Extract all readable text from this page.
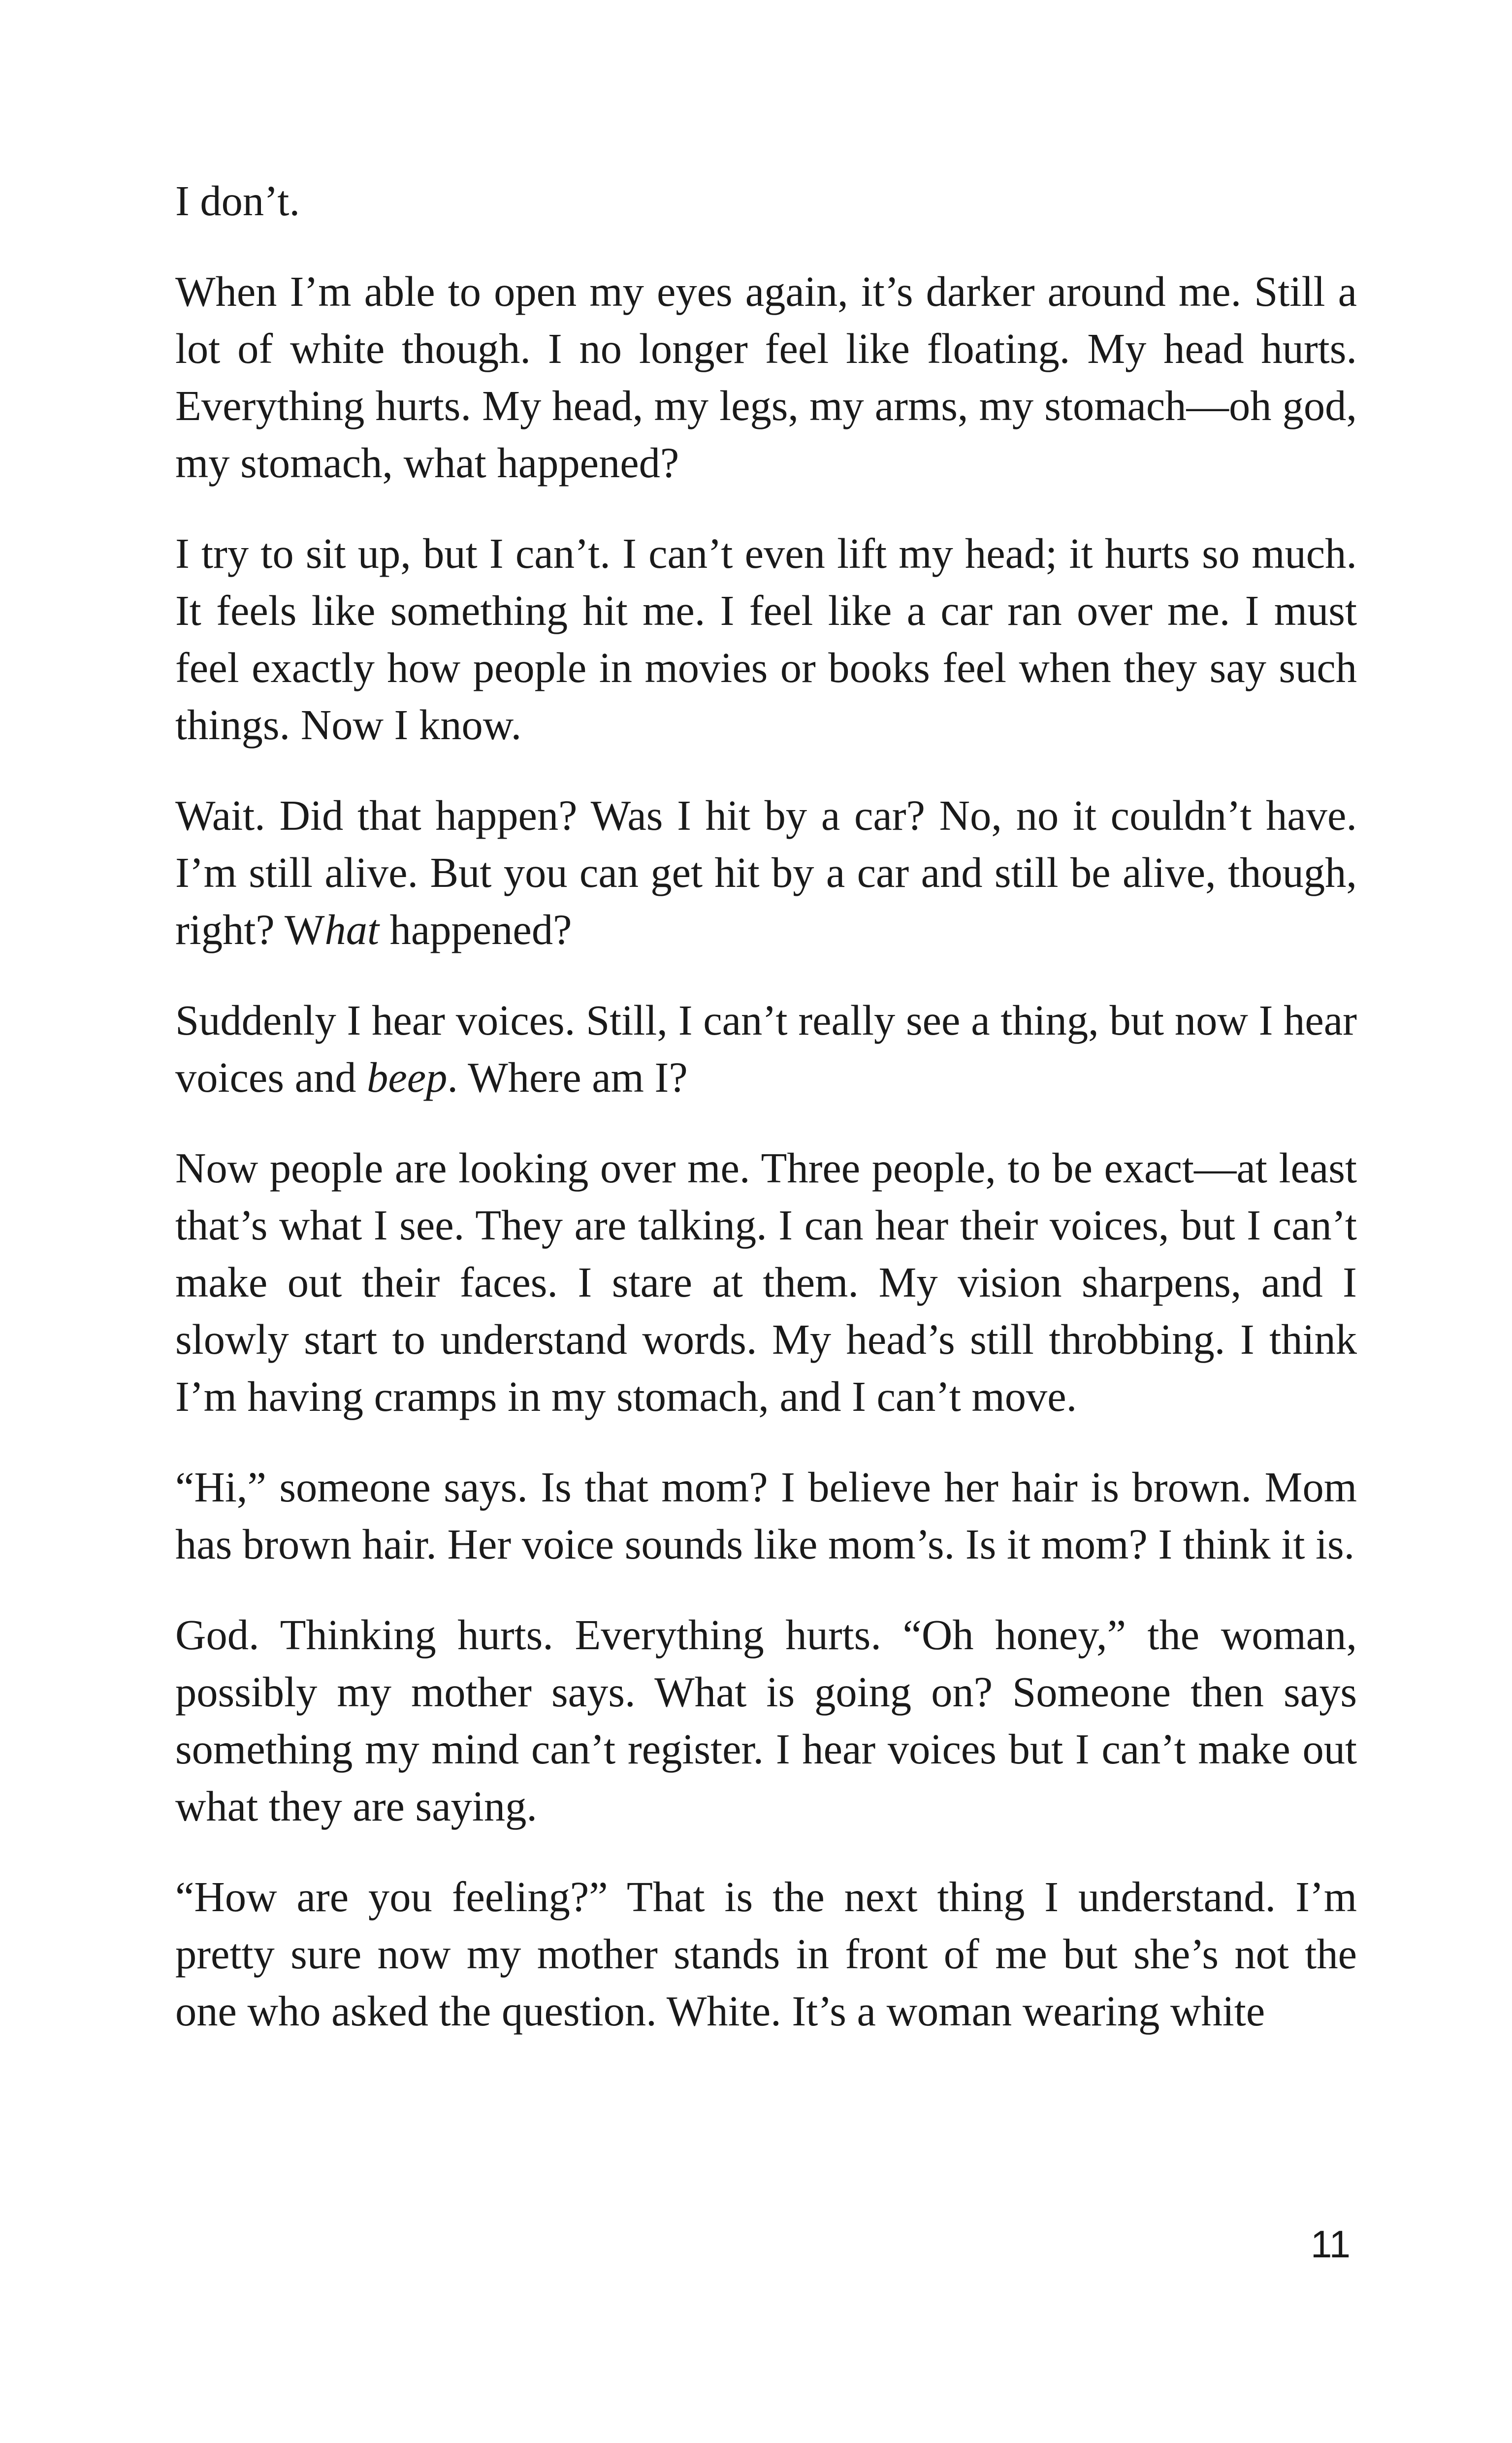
I don’t.

When I’m able to open my eyes again, it’s darker around me. Still a lot of white though. I no longer feel like floating. My head hurts. Everything hurts. My head, my legs, my arms, my stomach—oh god, my stomach, what happened?

I try to sit up, but I can’t. I can’t even lift my head; it hurts so much. It feels like something hit me. I feel like a car ran over me. I must feel exactly how people in movies or books feel when they say such things. Now I know.

Wait. Did that happen? Was I hit by a car? No, no it couldn’t have. I’m still alive. But you can get hit by a car and still be alive, though, right? What happened?

Suddenly I hear voices. Still, I can’t really see a thing, but now I hear voices and beep. Where am I?

Now people are looking over me. Three people, to be exact—at least that’s what I see. They are talking. I can hear their voices, but I can’t make out their faces. I stare at them. My vision sharpens, and I slowly start to understand words. My head’s still throbbing. I think I’m having cramps in my stomach, and I can’t move.

“Hi,” someone says. Is that mom? I believe her hair is brown. Mom has brown hair. Her voice sounds like mom’s. Is it mom? I think it is.

God. Thinking hurts. Everything hurts. “Oh honey,” the woman, possibly my mother says. What is going on? Someone then says something my mind can’t register. I hear voices but I can’t make out what they are saying.

“How are you feeling?” That is the next thing I understand. I’m pretty sure now my mother stands in front of me but she’s not the one who asked the question. White. It’s a woman wearing white

11
